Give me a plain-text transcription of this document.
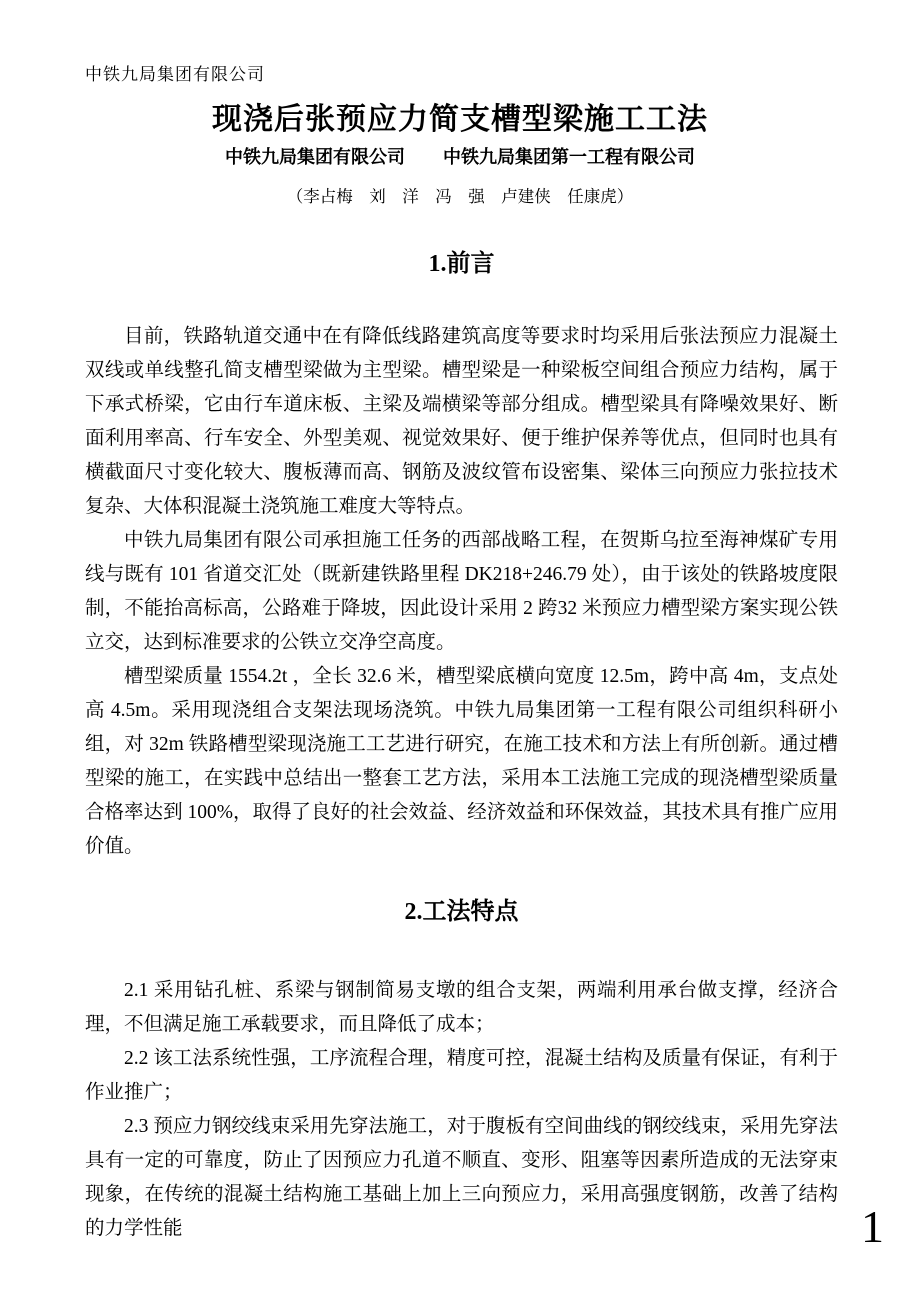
中铁九局集团有限公司
现浇后张预应力简支槽型梁施工工法
中铁九局集团有限公司 中铁九局集团第一工程有限公司
（李占梅　刘　洋　冯　强　卢建侠　任康虎）
1.前言

目前，铁路轨道交通中在有降低线路建筑高度等要求时均采用后张法预应力混凝土双线或单线整孔简支槽型梁做为主型梁。槽型梁是一种梁板空间组合预应力结构，属于下承式桥梁，它由行车道床板、主梁及端横梁等部分组成。槽型梁具有降噪效果好、断面利用率高、行车安全、外型美观、视觉效果好、便于维护保养等优点，但同时也具有横截面尺寸变化较大、腹板薄而高、钢筋及波纹管布设密集、梁体三向预应力张拉技术复杂、大体积混凝土浇筑施工难度大等特点。

中铁九局集团有限公司承担施工任务的西部战略工程，在贺斯乌拉至海神煤矿专用线与既有 101 省道交汇处（既新建铁路里程 DK218+246.79 处），由于该处的铁路坡度限制，不能抬高标高，公路难于降坡，因此设计采用 2 跨32 米预应力槽型梁方案实现公铁立交，达到标准要求的公铁立交净空高度。

槽型梁质量 1554.2t ，全长 32.6 米，槽型梁底横向宽度 12.5m，跨中高 4m，支点处高 4.5m。采用现浇组合支架法现场浇筑。中铁九局集团第一工程有限公司组织科研小组，对 32m 铁路槽型梁现浇施工工艺进行研究，在施工技术和方法上有所创新。通过槽型梁的施工，在实践中总结出一整套工艺方法，采用本工法施工完成的现浇槽型梁质量合格率达到 100%，取得了良好的社会效益、经济效益和环保效益，其技术具有推广应用价值。

2.工法特点

2.1 采用钻孔桩、系梁与钢制简易支墩的组合支架，两端利用承台做支撑，经济合理，不但满足施工承载要求，而且降低了成本；

2.2 该工法系统性强，工序流程合理，精度可控，混凝土结构及质量有保证，有利于作业推广；

2.3 预应力钢绞线束采用先穿法施工，对于腹板有空间曲线的钢绞线束，采用先穿法具有一定的可靠度，防止了因预应力孔道不顺直、变形、阻塞等因素所造成的无法穿束现象，在传统的混凝土结构施工基础上加上三向预应力，采用高强度钢筋，改善了结构的力学性能	1
